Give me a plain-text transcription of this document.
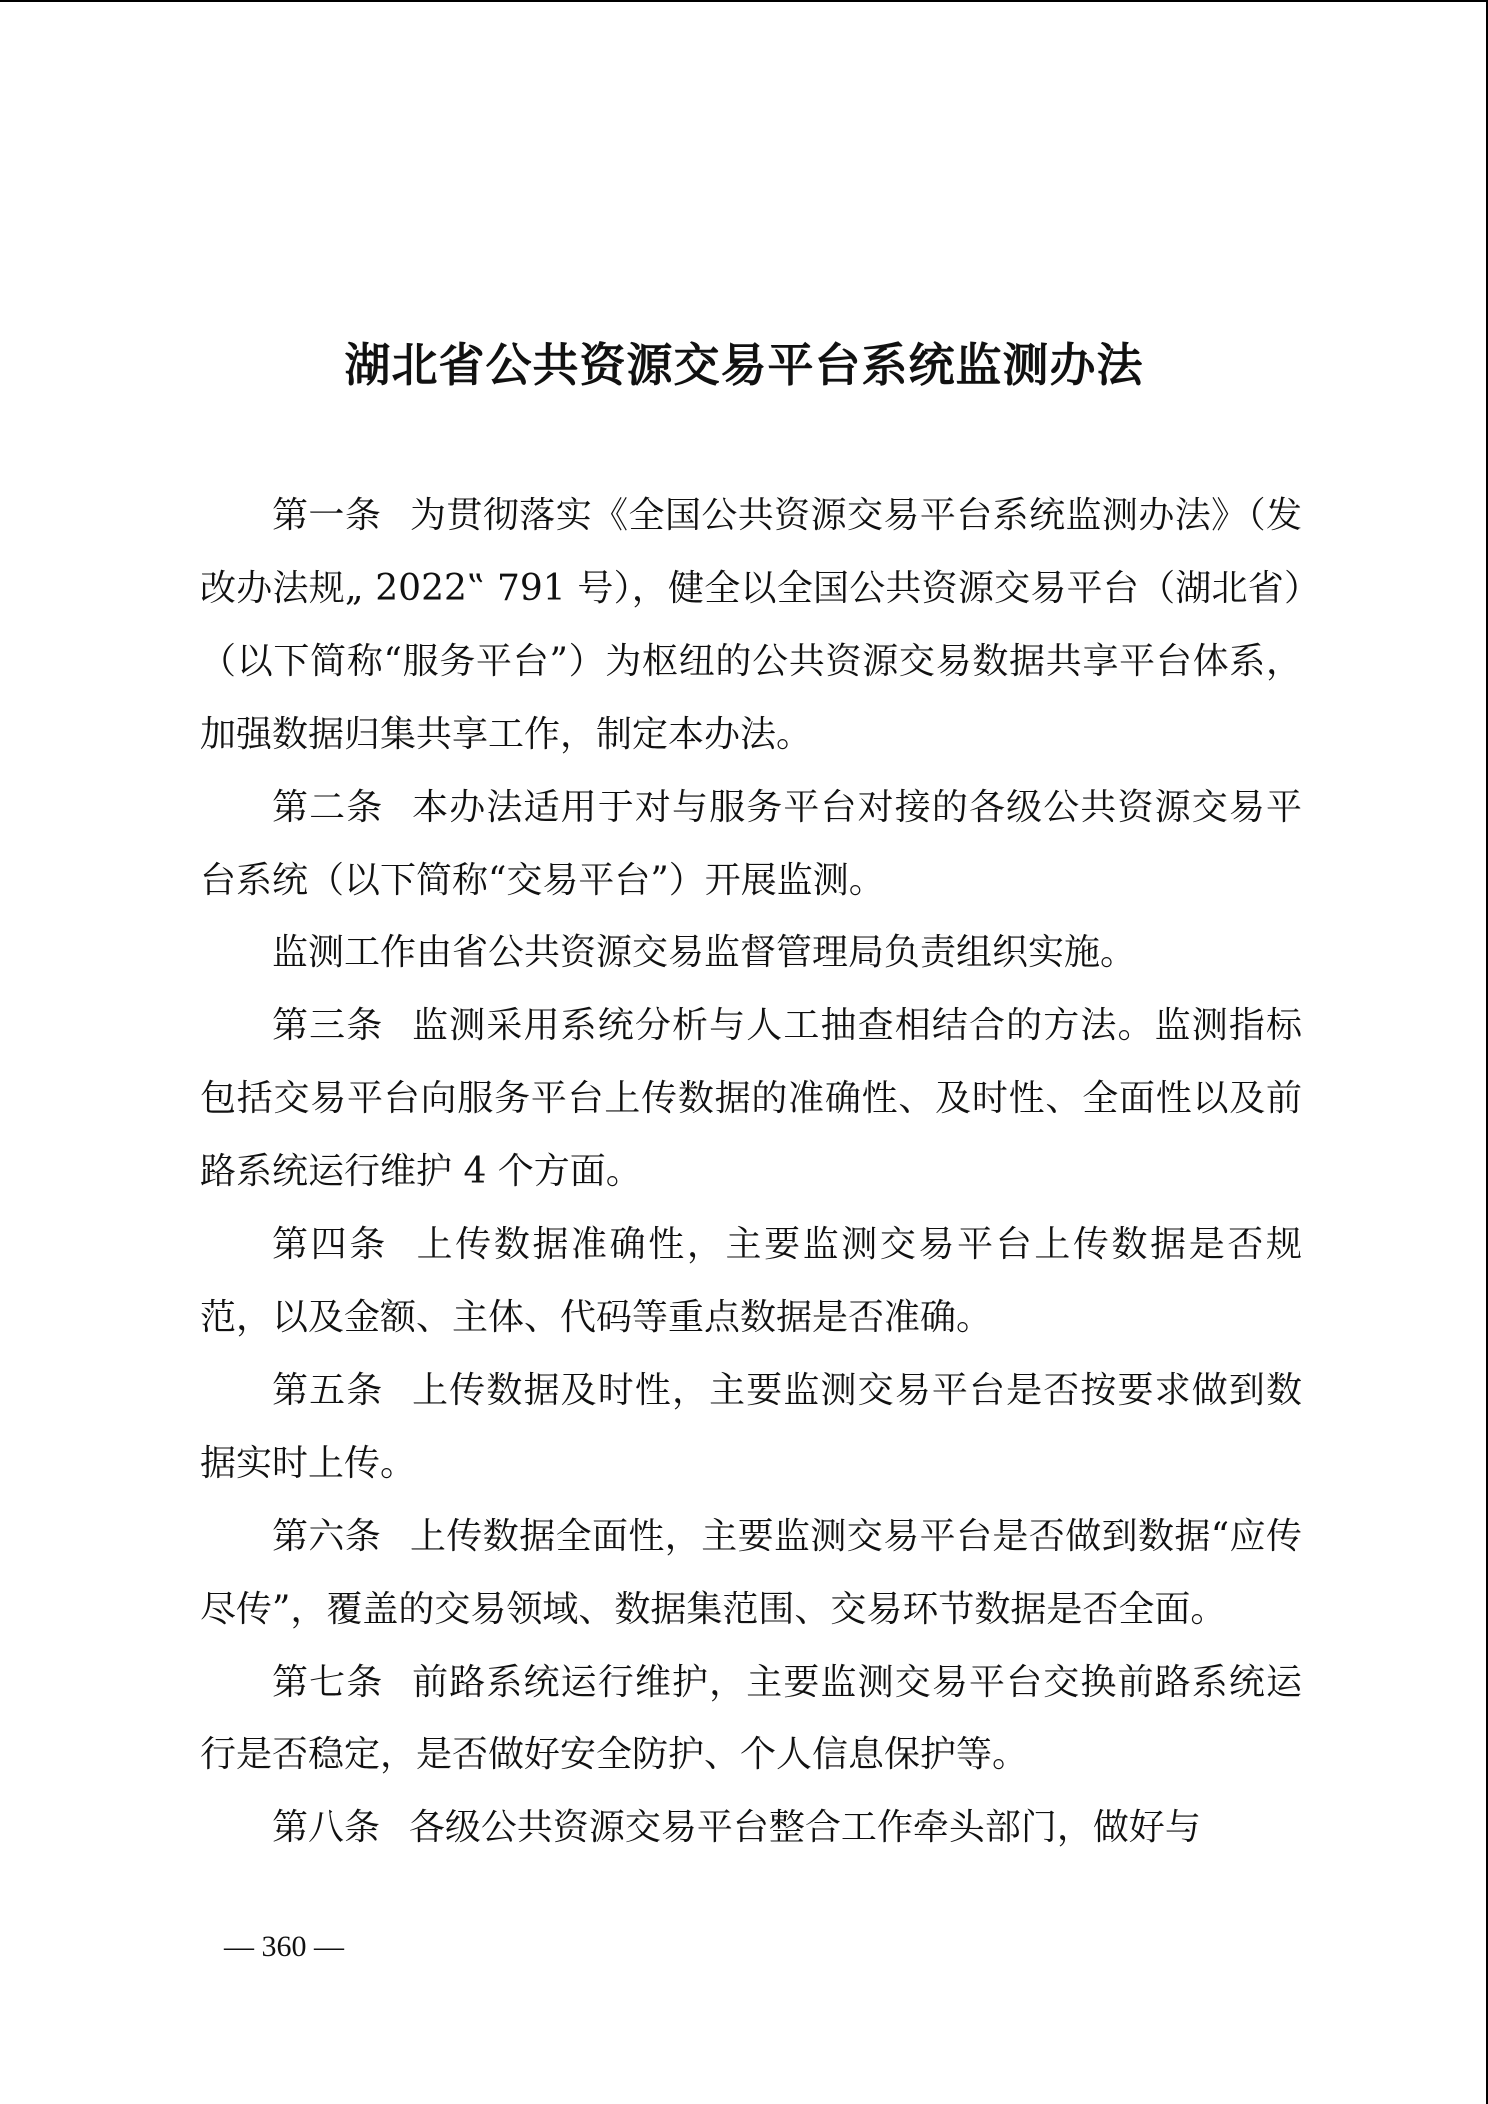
湖北省公共资源交易平台系统监测办法

第一条 为贯彻落实《全国公共资源交易平台系统监测办法》（发改办法规„ 2022‟ 791 号），健全以全国公共资源交易平台（湖北省）（以下简称“服务平台”）为枢纽的公共资源交易数据共享平台体系，加强数据归集共享工作，制定本办法。

第二条 本办法适用于对与服务平台对接的各级公共资源交易平台系统（以下简称“交易平台”）开展监测。

监测工作由省公共资源交易监督管理局负责组织实施。

第三条 监测采用系统分析与人工抽查相结合的方法。监测指标包括交易平台向服务平台上传数据的准确性、及时性、全面性以及前路系统运行维护 4 个方面。

第四条 上传数据准确性，主要监测交易平台上传数据是否规范，以及金额、主体、代码等重点数据是否准确。

第五条 上传数据及时性，主要监测交易平台是否按要求做到数据实时上传。

第六条 上传数据全面性，主要监测交易平台是否做到数据“应传尽传”，覆盖的交易领域、数据集范围、交易环节数据是否全面。

第七条 前路系统运行维护，主要监测交易平台交换前路系统运行是否稳定，是否做好安全防护、个人信息保护等。

第八条 各级公共资源交易平台整合工作牵头部门，做好与

— 360 —
